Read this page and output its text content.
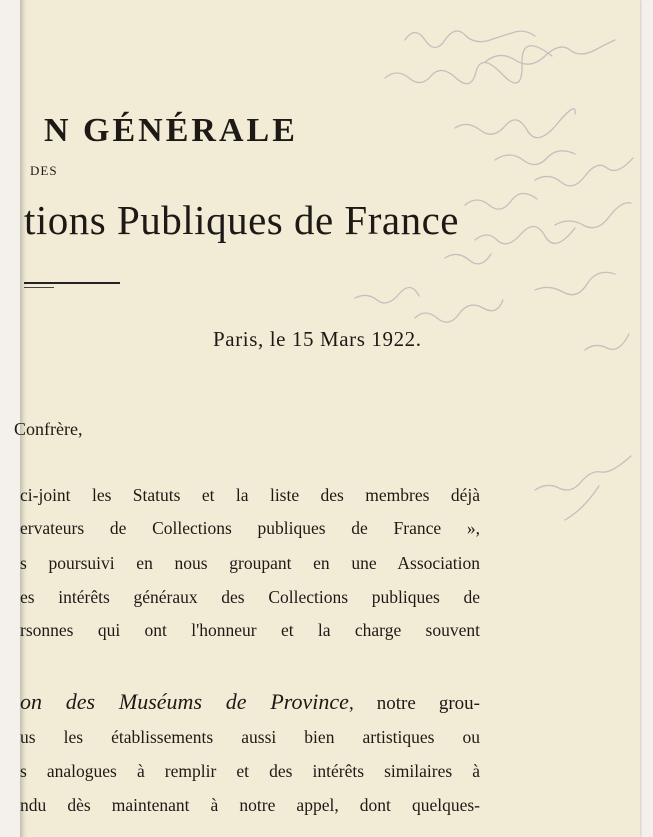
N GÉNÉRALE
DES
tions Publiques de France
Paris, le 15 Mars 1922.
Confrère,
ci-joint les Statuts et la liste des membres déjà
ervateurs de Collections publiques de France »,
s poursuivi en nous groupant en une Association
es intérêts généraux des Collections publiques de
rsonnes qui ont l'honneur et la charge souvent
on des Muséums de Province, notre grou-
us les établissements aussi bien artistiques ou
s analogues à remplir et des intérêts similaires à
ndu dès maintenant à notre appel, dont quelques-
